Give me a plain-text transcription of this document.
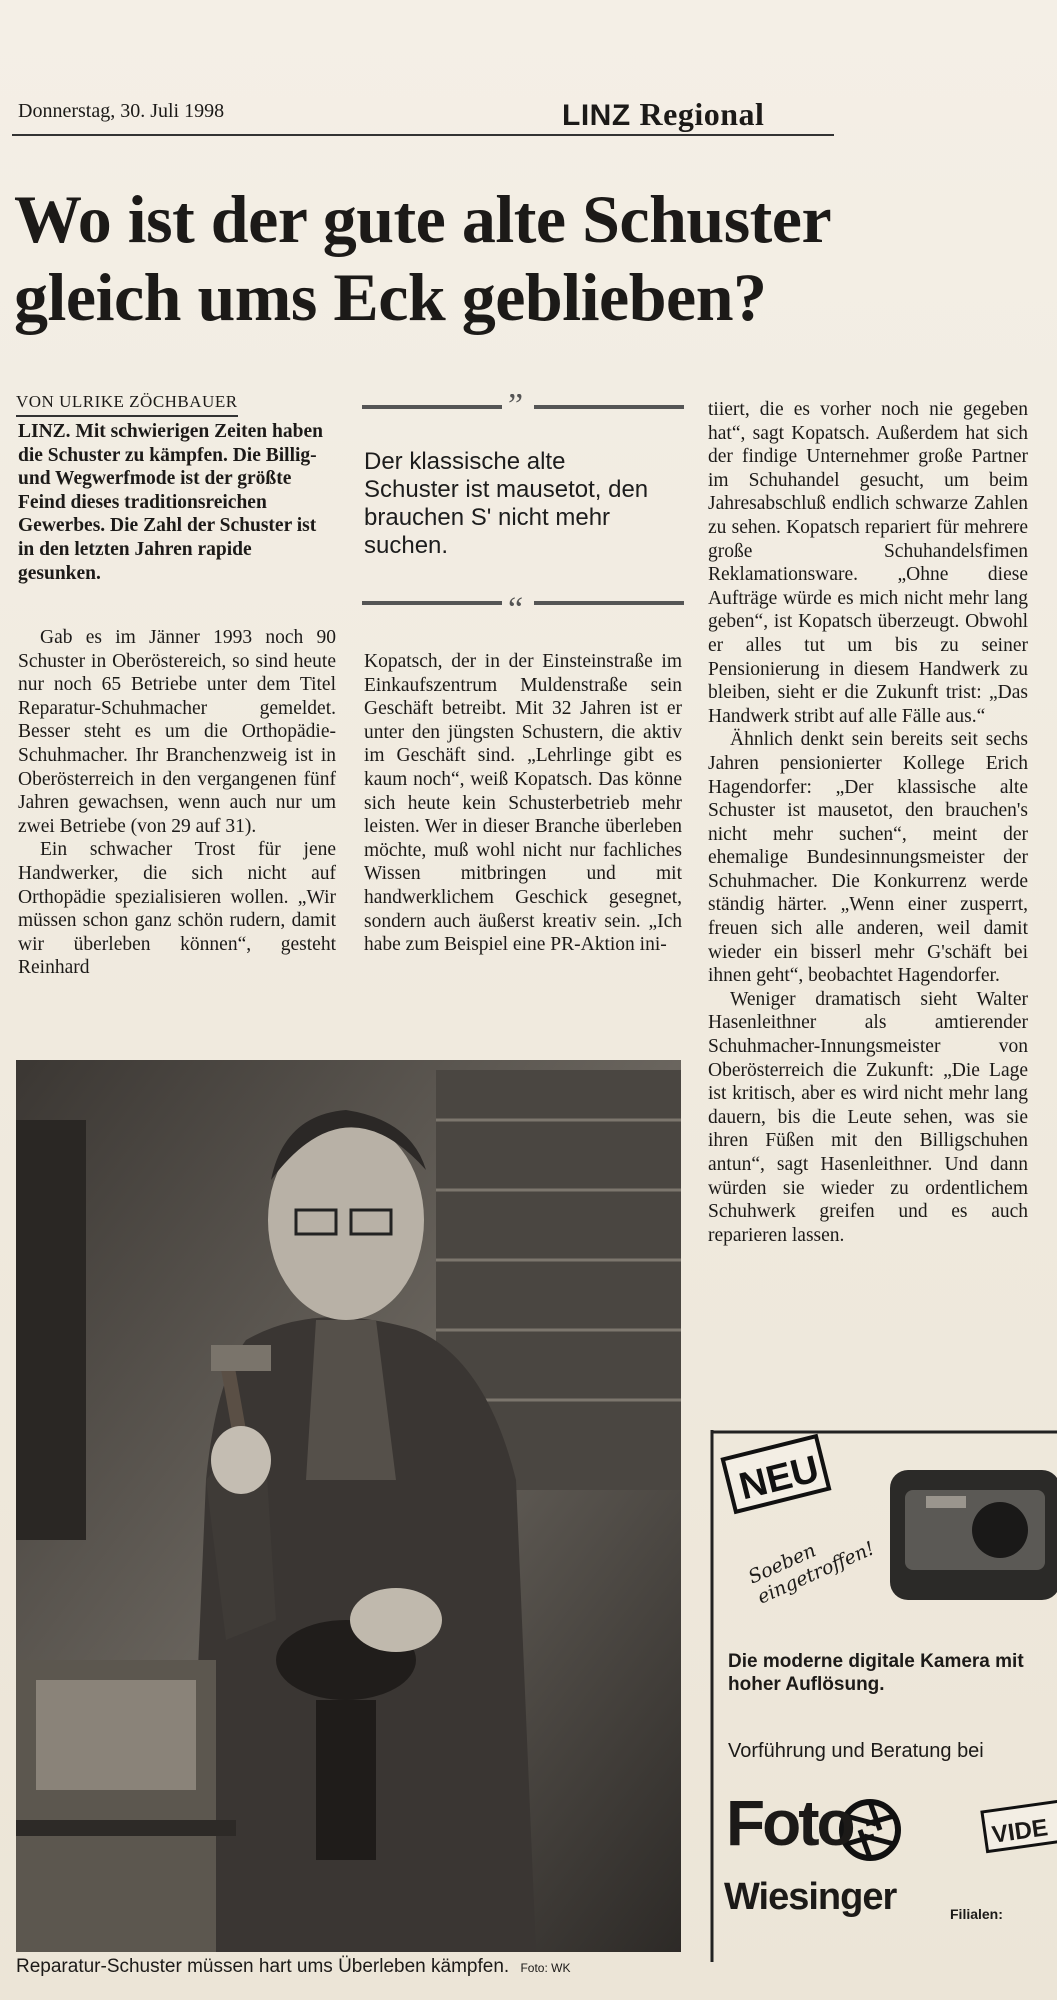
Donnerstag, 30. Juli 1998	LINZ Regional
Wo ist der gute alte Schuster
gleich ums Eck geblieben?
VON ULRIKE ZÖCHBAUER
LINZ. Mit schwierigen Zeiten haben die Schuster zu kämpfen. Die Billig- und Wegwerfmode ist der größte Feind dieses traditionsreichen Gewerbes. Die Zahl der Schuster ist in den letzten Jahren rapide gesunken.
”
Der klassische alte Schuster ist mausetot, den brauchen S' nicht mehr suchen.
“

Gab es im Jänner 1993 noch 90 Schuster in Oberöstereich, so sind heute nur noch 65 Betriebe unter dem Titel Reparatur-Schuhmacher gemeldet. Besser steht es um die Orthopädie-Schuhmacher. Ihr Branchenzweig ist in Oberösterreich in den vergangenen fünf Jahren gewachsen, wenn auch nur um zwei Betriebe (von 29 auf 31).

Ein schwacher Trost für jene Handwerker, die sich nicht auf Orthopädie spezialisieren wollen. „Wir müssen schon ganz schön rudern, damit wir überleben können“, gesteht Reinhard

Kopatsch, der in der Einsteinstraße im Einkaufszentrum Muldenstraße sein Geschäft betreibt. Mit 32 Jahren ist er unter den jüngsten Schustern, die aktiv im Geschäft sind. „Lehrlinge gibt es kaum noch“, weiß Kopatsch. Das könne sich heute kein Schusterbetrieb mehr leisten. Wer in dieser Branche überleben möchte, muß wohl nicht nur fachliches Wissen mitbringen und mit handwerklichem Geschick gesegnet, sondern auch äußerst kreativ sein. „Ich habe zum Beispiel eine PR-Aktion ini-

tiiert, die es vorher noch nie gegeben hat“, sagt Kopatsch. Außerdem hat sich der findige Unternehmer große Partner im Schuhandel gesucht, um beim Jahresabschluß endlich schwarze Zahlen zu sehen. Kopatsch repariert für mehrere große Schuhandelsfimen Reklamationsware. „Ohne diese Aufträge würde es mich nicht mehr lang geben“, ist Kopatsch überzeugt. Obwohl er alles tut um bis zu seiner Pensionierung in diesem Handwerk zu bleiben, sieht er die Zukunft trist: „Das Handwerk stribt auf alle Fälle aus.“

Ähnlich denkt sein bereits seit sechs Jahren pensionierter Kollege Erich Hagendorfer: „Der klassische alte Schuster ist mausetot, den brauchen's nicht mehr suchen“, meint der ehemalige Bundesinnungsmeister der Schuhmacher. Die Konkurrenz werde ständig härter. „Wenn einer zusperrt, freuen sich alle anderen, weil damit wieder ein bisserl mehr G'schäft bei ihnen geht“, beobachtet Hagendorfer.

Weniger dramatisch sieht Walter Hasenleithner als amtierender Schuhmacher-Innungsmeister von Oberösterreich die Zukunft: „Die Lage ist kritisch, aber es wird nicht mehr lang dauern, bis die Leute sehen, was sie ihren Füßen mit den Billigschuhen antun“, sagt Hasenleithner. Und dann würden sie wieder zu ordentlichem Schuhwerk greifen und es auch reparieren lassen.

Reparatur-Schuster müssen hart ums Überleben kämpfen. Foto: WK
NEU
Soeben eingetroffen!
Die moderne digitale Kamera mit hoher Auflösung.
Vorführung und Beratung bei
Foto
Wiesinger
VIDE
Filialen:
